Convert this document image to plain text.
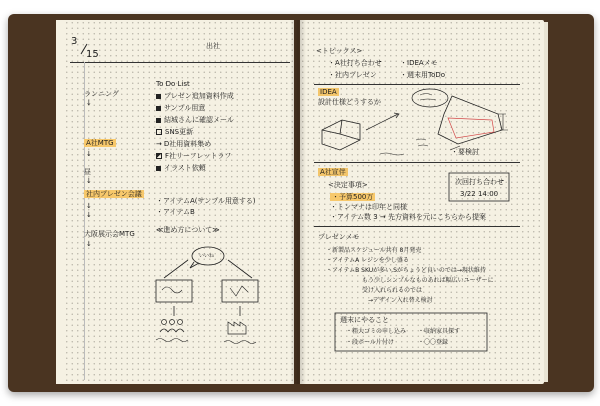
3
15
出社
ランニング
↓
A社MTG
↓
昼
↓
社内プレゼン会議
↓
↓
大阪展示会MTG
↓
To Do List
プレゼン追加資料作成
サンプル用意
結城さんに確認メール
SNS更新
→ D社用資料集め
F社リーフレットラフ
イラスト依頼
・アイテムA(サンプル用意する)
・アイテムB
≪進め方について≫
いいね
<トピックス>
・A社打ち合わせ
・社内プレゼン
・IDEAメモ
・週末用ToDo
IDEA
設計仕様どうするか
・要検討
A社宣伴
<決定事項>
・予算500万
・トンマナは印年と同様
・アイテム数 3 → 先方資料を元にこちらから提案
次回打ち合わせ
3/22 14:00
プレゼンメモ
・新製品スケジュール共有 8月発売
・アイテムA レジンを少し盛る
・アイテムB SKUが多い,Sがちょうど良いのでは→現状維持
もう少しシンプルなものあれば幅広いユーザーに
受け入れられるのでは
→デザイン入れ替え検討
週末にやること
・粗大ゴミの申し込み
・段ボール片付け
・収納家具探す
・〇〇登録
